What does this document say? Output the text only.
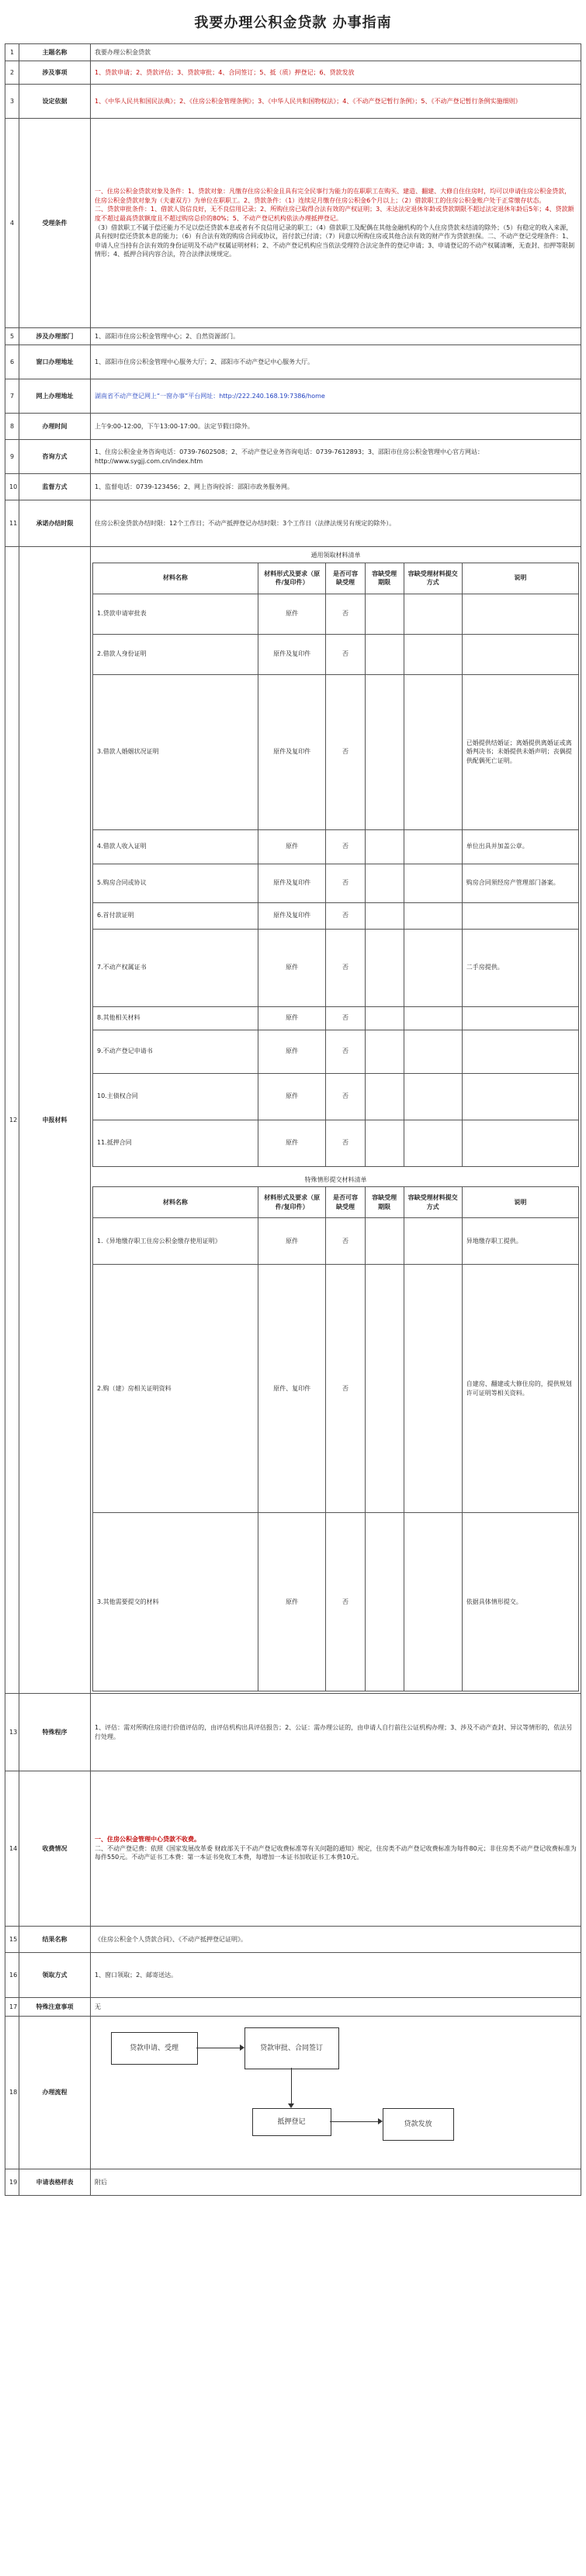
我要办理公积金贷款 办事指南
1	主题名称	我要办理公积金贷款
2	涉及事项	1、贷款申请；2、贷款评估；3、贷款审批；4、合同签订；5、抵（质）押登记；6、贷款发放
3	设定依据	1、《中华人民共和国民法典》；2、《住房公积金管理条例》；3、《中华人民共和国物权法》；4、《不动产登记暂行条例》；5、《不动产登记暂行条例实施细则》
4	受理条件	
一、住房公积金贷款对象及条件：1、贷款对象：凡缴存住房公积金且具有完全民事行为能力的在职职工在购买、建造、翻建、大修自住住房时，均可以申请住房公积金贷款，住房公积金贷款对象为（夫妻双方）为单位在职职工。2、贷款条件：（1）连续足月缴存住房公积金6个月以上；（2）借款职工的住房公积金账户处于正常缴存状态。
二、贷款审批条件：1、借款人资信良好，无不良信用记录；2、所购住房已取得合法有效的产权证明；3、未达法定退休年龄或贷款期限不超过法定退休年龄后5年；4、贷款额度不超过最高贷款额度且不超过购房总价的80%；5、不动产登记机构依法办理抵押登记。
（3）借款职工不属于偿还能力不足以偿还贷款本息或者有不良信用记录的职工；（4）借款职工及配偶在其他金融机构的个人住房贷款未结清的除外；（5）有稳定的收入来源，具有按时偿还贷款本息的能力；（6）有合法有效的购房合同或协议，首付款已付清；（7）同意以所购住房或其他合法有效的财产作为贷款担保。二、不动产登记受理条件：1、申请人应当持有合法有效的身份证明及不动产权属证明材料；2、不动产登记机构应当依法受理符合法定条件的登记申请；3、申请登记的不动产权属清晰，无查封、扣押等限制情形；4、抵押合同内容合法，符合法律法规规定。

5	涉及办理部门	1、邵阳市住房公积金管理中心；2、自然资源部门。
6	窗口办理地址	1、邵阳市住房公积金管理中心服务大厅；2、邵阳市不动产登记中心服务大厅。
7	网上办理地址	湖南省不动产登记网上“一窗办事”平台网址：http://222.240.168.19:7386/home
8	办理时间	上午9:00-12:00，下午13:00-17:00。法定节假日除外。
9	咨询方式	1、住房公积金业务咨询电话：0739-7602508；2、不动产登记业务咨询电话：0739-7612893；3、邵阳市住房公积金管理中心官方网站：http://www.sygjj.com.cn/index.htm
10	监督方式	1、监督电话：0739-123456；2、网上咨询投诉：邵阳市政务服务网。
11	承诺办结时限	住房公积金贷款办结时限：12个工作日；不动产抵押登记办结时限：3个工作日（法律法规另有规定的除外）。
12	申报材料	
通用领取材料清单
材料名称	材料形式及要求（原件/复印件）	是否可容缺受理	容缺受理期限	容缺受理材料提交方式	说明
1.贷款申请审批表	原件	否			
2.借款人身份证明	原件及复印件	否			
3.借款人婚姻状况证明	原件及复印件	否			已婚提供结婚证；离婚提供离婚证或离婚判决书；未婚提供未婚声明；丧偶提供配偶死亡证明。
4.借款人收入证明	原件	否			单位出具并加盖公章。
5.购房合同或协议	原件及复印件	否			购房合同须经房产管理部门备案。
6.首付款证明	原件及复印件	否			
7.不动产权属证书	原件	否			二手房提供。
8.其他相关材料	原件	否			
9.不动产登记申请书	原件	否			
10.主债权合同	原件	否			
11.抵押合同	原件	否			
特殊情形提交材料清单
材料名称	材料形式及要求（原件/复印件）	是否可容缺受理	容缺受理期限	容缺受理材料提交方式	说明
1.《异地缴存职工住房公积金缴存使用证明》	原件	否			异地缴存职工提供。
2.购（建）房相关证明资料	原件、复印件	否			自建房、翻建或大修住房的，提供规划许可证明等相关资料。
3.其他需要提交的材料	原件	否			依据具体情形提交。

13	特殊程序	1、评估：需对所购住房进行价值评估的，由评估机构出具评估报告；2、公证：需办理公证的，由申请人自行前往公证机构办理；3、涉及不动产查封、异议等情形的，依法另行处理。
14	收费情况	
一、住房公积金管理中心贷款不收费。
二、不动产登记费：依照《国家发展改革委 财政部关于不动产登记收费标准等有关问题的通知》规定，住房类不动产登记收费标准为每件80元；非住房类不动产登记收费标准为每件550元。不动产证书工本费：第一本证书免收工本费，每增加一本证书加收证书工本费10元。

15	结果名称	《住房公积金个人贷款合同》、《不动产抵押登记证明》。
16	领取方式	1、窗口领取；2、邮寄送达。
17	特殊注意事项	无
18	办理流程	
贷款申请、受理	贷款审批、合同签订
抵押登记	贷款发放

19	申请表格样表	附后
